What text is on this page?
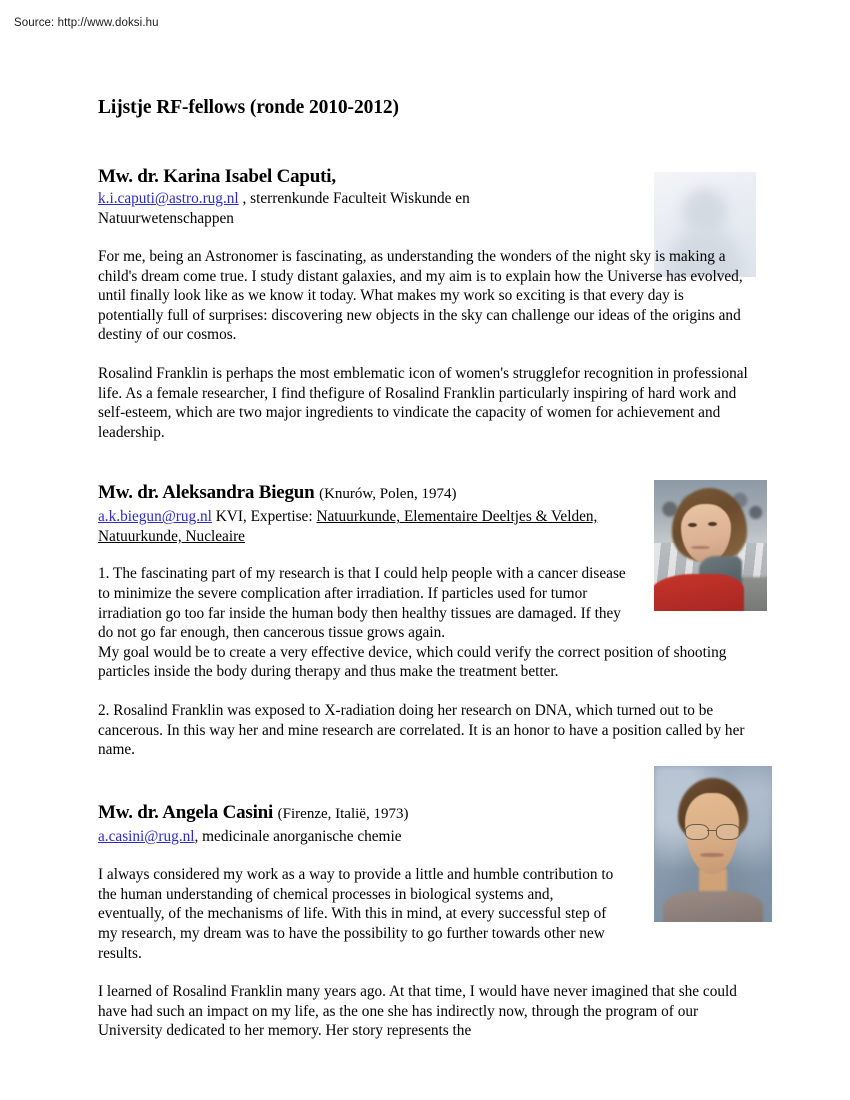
Source: http://www.doksi.hu
Lijstje RF-fellows (ronde 2010-2012)
Mw. dr. Karina Isabel Caputi,
k.i.caputi@astro.rug.nl , sterrenkunde Faculteit Wiskunde en Natuurwetenschappen
For me, being an Astronomer is fascinating, as understanding the wonders of the night sky is making a child's dream come true. I study distant galaxies, and my aim is to explain how the Universe has evolved, until finally look like as we know it today. What makes my work so exciting is that every day is potentially full of surprises: discovering new objects in the sky can challenge our ideas of the origins and destiny of our cosmos.
Rosalind Franklin is perhaps the most emblematic icon of women's strugglefor recognition in professional life. As a female researcher, I find thefigure of Rosalind Franklin particularly inspiring of hard work and self-esteem, which are two major ingredients to vindicate the capacity of women for achievement and leadership.
Mw. dr. Aleksandra Biegun (Knurów, Polen, 1974)
a.k.biegun@rug.nl KVI, Expertise: Natuurkunde, Elementaire Deeltjes & Velden, Natuurkunde, Nucleaire
1. The fascinating part of my research is that I could help people with a cancer disease to minimize the severe complication after irradiation. If particles used for tumor irradiation go too far inside the human body then healthy tissues are damaged. If they do not go far enough, then cancerous tissue grows again.
My goal would be to create a very effective device, which could verify the correct position of shooting particles inside the body during therapy and thus make the treatment better.
2. Rosalind Franklin was exposed to X-radiation doing her research on DNA, which turned out to be cancerous. In this way her and mine research are correlated. It is an honor to have a position called by her name.
Mw. dr. Angela Casini (Firenze, Italië, 1973)
a.casini@rug.nl, medicinale anorganische chemie
I always considered my work as a way to provide a little and humble contribution to the human understanding of chemical processes in biological systems and, eventually, of the mechanisms of life. With this in mind, at every successful step of my research, my dream was to have the possibility to go further towards other new results.
I learned of Rosalind Franklin many years ago. At that time, I would have never imagined that she could have had such an impact on my life, as the one she has indirectly now, through the program of our University dedicated to her memory. Her story represents the
